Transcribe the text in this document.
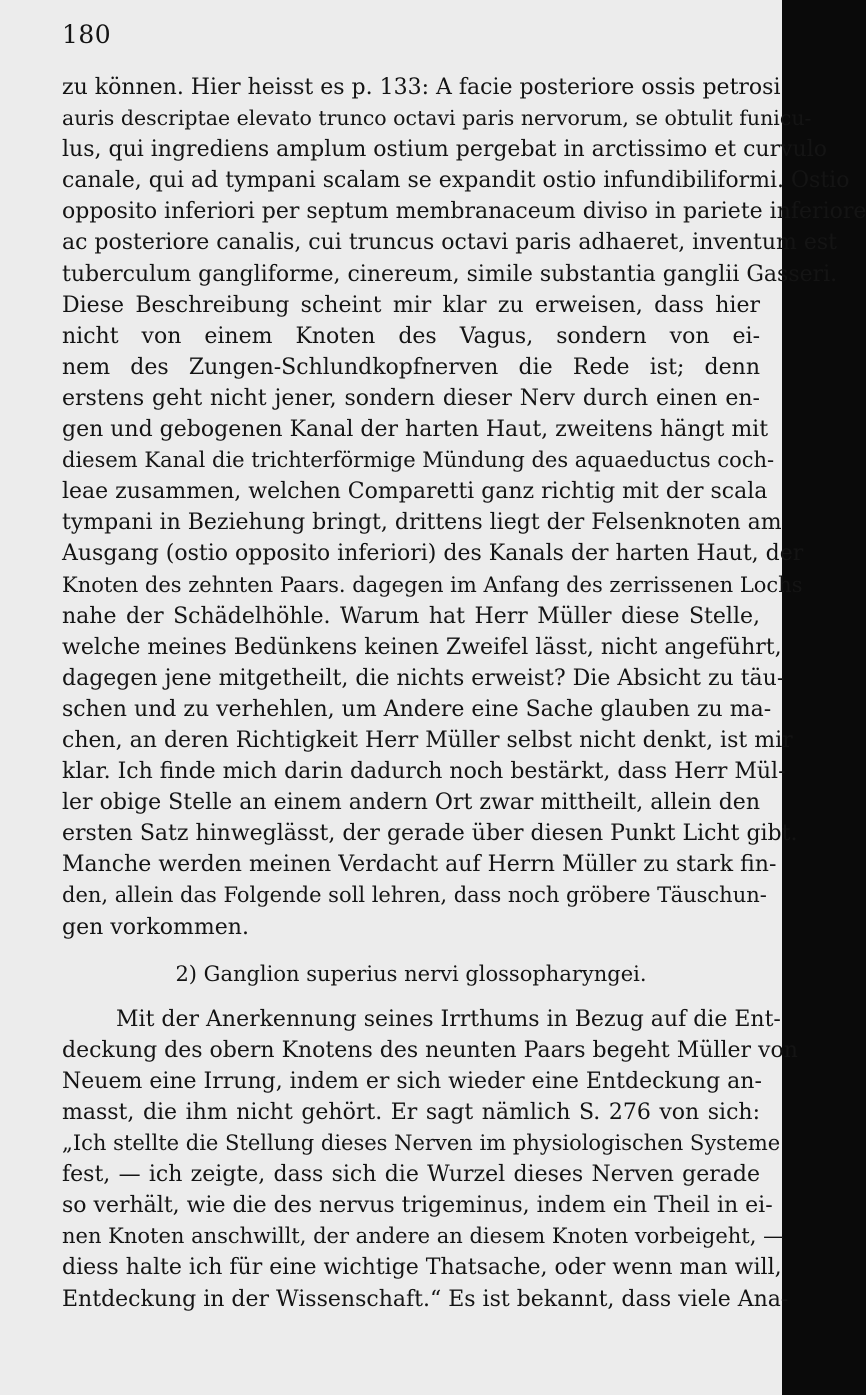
180
zu können. Hier heisst es p. 133: A facie posteriore ossis petrosi
auris descriptae elevato trunco octavi paris nervorum, se obtulit funicu-
lus, qui ingrediens amplum ostium pergebat in arctissimo et curvulo
canale, qui ad tympani scalam se expandit ostio infundibiliformi. Ostio
opposito inferiori per septum membranaceum diviso in pariete inferiore
ac posteriore canalis, cui truncus octavi paris adhaeret, inventum est
tuberculum gangliforme, cinereum, simile substantia ganglii Gasseri.
Diese Beschreibung scheint mir klar zu erweisen, dass hier
nicht von einem Knoten des Vagus, sondern von ei-
nem des Zungen-Schlundkopfnerven die Rede ist; denn
erstens geht nicht jener, sondern dieser Nerv durch einen en-
gen und gebogenen Kanal der harten Haut, zweitens hängt mit
diesem Kanal die trichterförmige Mündung des aquaeductus coch-
leae zusammen, welchen Comparetti ganz richtig mit der scala
tympani in Beziehung bringt, drittens liegt der Felsenknoten am
Ausgang (ostio opposito inferiori) des Kanals der harten Haut, der
Knoten des zehnten Paars. dagegen im Anfang des zerrissenen Lochs
nahe der Schädelhöhle. Warum hat Herr Müller diese Stelle,
welche meines Bedünkens keinen Zweifel lässt, nicht angeführt,
dagegen jene mitgetheilt, die nichts erweist? Die Absicht zu täu-
schen und zu verhehlen, um Andere eine Sache glauben zu ma-
chen, an deren Richtigkeit Herr Müller selbst nicht denkt, ist mir
klar. Ich finde mich darin dadurch noch bestärkt, dass Herr Mül-
ler obige Stelle an einem andern Ort zwar mittheilt, allein den
ersten Satz hinweglässt, der gerade über diesen Punkt Licht gibt.
Manche werden meinen Verdacht auf Herrn Müller zu stark fin-
den, allein das Folgende soll lehren, dass noch gröbere Täuschun-
gen vorkommen.
2) Ganglion superius nervi glossopharyngei.
Mit der Anerkennung seines Irrthums in Bezug auf die Ent-
deckung des obern Knotens des neunten Paars begeht Müller von
Neuem eine Irrung, indem er sich wieder eine Entdeckung an-
masst, die ihm nicht gehört. Er sagt nämlich S. 276 von sich:
„Ich stellte die Stellung dieses Nerven im physiologischen Systeme
fest, — ich zeigte, dass sich die Wurzel dieses Nerven gerade
so verhält, wie die des nervus trigeminus, indem ein Theil in ei-
nen Knoten anschwillt, der andere an diesem Knoten vorbeigeht, —
diess halte ich für eine wichtige Thatsache, oder wenn man will,
Entdeckung in der Wissenschaft.“ Es ist bekannt, dass viele Ana-
